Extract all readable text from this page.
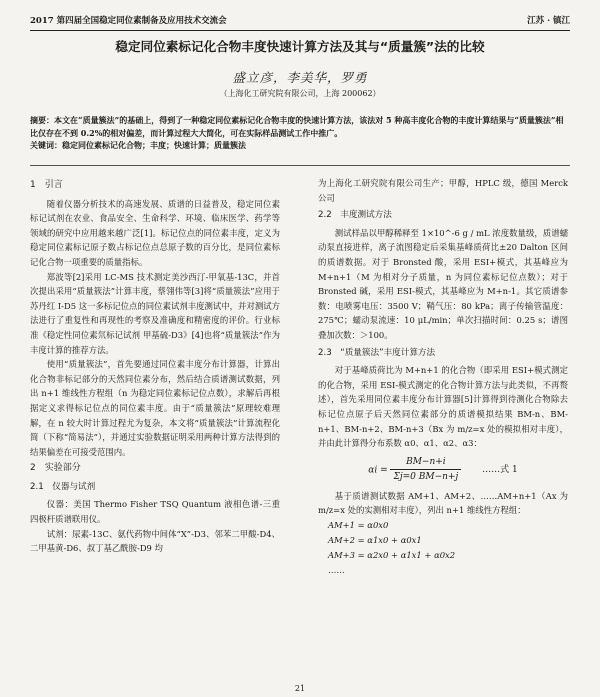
2017 第四届全国稳定同位素制备及应用技术交流会	江苏 · 镇江
稳定同位素标记化合物丰度快速计算方法及其与“质量簇”法的比较
盛立彦，李美华，罗勇
（上海化工研究院有限公司，上海 200062）
摘要：本文在“质量簇法”的基础上，得到了一种稳定同位素标记化合物丰度的快速计算方法，该法对 5 种高丰度化合物的丰度计算结果与“质量簇法”相比仅存在不到 0.2%的相对偏差，而计算过程大大简化，可在实际样品测试工作中推广。
关键词：稳定同位素标记化合物；丰度；快速计算；质量簇法
1　引言

随着仪器分析技术的高速发展、质谱的日益普及，稳定同位素标记试剂在农业、食品安全、生命科学、环境、临床医学、药学等领域的研究中应用越来越广泛[1]。标记位点的同位素丰度，定义为稳定同位素标记原子数占标记位点总原子数的百分比，是同位素标记化合物一项重要的质量指标。

郑波等[2]采用 LC-MS 技术测定美沙西汀-甲氧基-13C，并首次提出采用“质量簇法”计算丰度，蔡翎伟等[3]将“质量簇法”应用于苏丹红 I-D5 这一多标记位点的同位素试剂丰度测试中，并对测试方法进行了重复性和再现性的考察及准确度和精密度的评价。行业标准《稳定性同位素氘标记试剂 甲基硫-D3》[4]也将“质量簇法”作为丰度计算的推荐方法。

使用“质量簇法”，首先要通过同位素丰度分布计算器，计算出化合物非标记部分的天然同位素分布，然后结合质谱测试数据，列出 n+1 维线性方程组（n 为稳定同位素标记位点数），求解后再根据定义求得标记位点的同位素丰度。由于“质量簇法”原理较难理解，在 n 较大时计算过程尤为复杂，本文将“质量簇法”计算流程化简（下称“简易法”），并通过实验数据证明采用两种计算方法得到的结果偏差在可接受范围内。

2　实验部分
2.1　仪器与试剂

仪器：美国 Thermo Fisher TSQ Quantum 液相色谱-三重四极杆质谱联用仪。

试剂：尿素-13C、氨代药物中间体“X”-D3、邻苯二甲酸-D4、二甲基黄-D6、叔丁基乙酰胺-D9 均

为上海化工研究院有限公司生产；甲醇，HPLC 级，德国 Merck 公司

2.2　丰度测试方法

测试样品以甲醇稀释至 1×10^-6 g / mL 浓度数量级，质谱蠕动泵直接进样，离子流图稳定后采集基峰质荷比±20 Dalton 区间的质谱数据。对于 Bronsted 酸，采用 ESI+模式，其基峰应为 M+n+1（M 为相对分子质量，n 为同位素标记位点数）；对于 Bronsted 碱，采用 ESI-模式，其基峰应为 M+n-1。其它质谱参数：电喷雾电压：3500 V；鞘气压：80 kPa；离子传输管温度：275℃；蠕动泵流速：10 μL/min；单次扫描时间：0.25 s；谱图叠加次数：＞100。

2.3　“质量簇法”丰度计算方法

对于基峰质荷比为 M+n+1 的化合物（即采用 ESI+模式测定的化合物，采用 ESI-模式测定的化合物计算方法与此类似，不再赘述），首先采用同位素丰度分布计算器[5]计算得到待测化合物除去标记位点原子后天然同位素部分的质谱模拟结果 BM-n、BM-n+1、BM-n+2、BM-n+3（Bx 为 m/z=x 处的模拟相对丰度），并由此计算得分布系数 α0、α1、α2、α3：

$\alpha i = \frac{BM-n+i}{\Sigma j=0 BM-n+j}$ ……式 1

基于质谱测试数据 AM+1、AM+2、……AM+n+1（Ax 为 m/z=x 处的实测相对丰度），列出 n+1 维线性方程组：

AM+1 = α0x0
AM+2 = α1x0 + α0x1
AM+3 = α2x0 + α1x1 + α0x2
……
21
